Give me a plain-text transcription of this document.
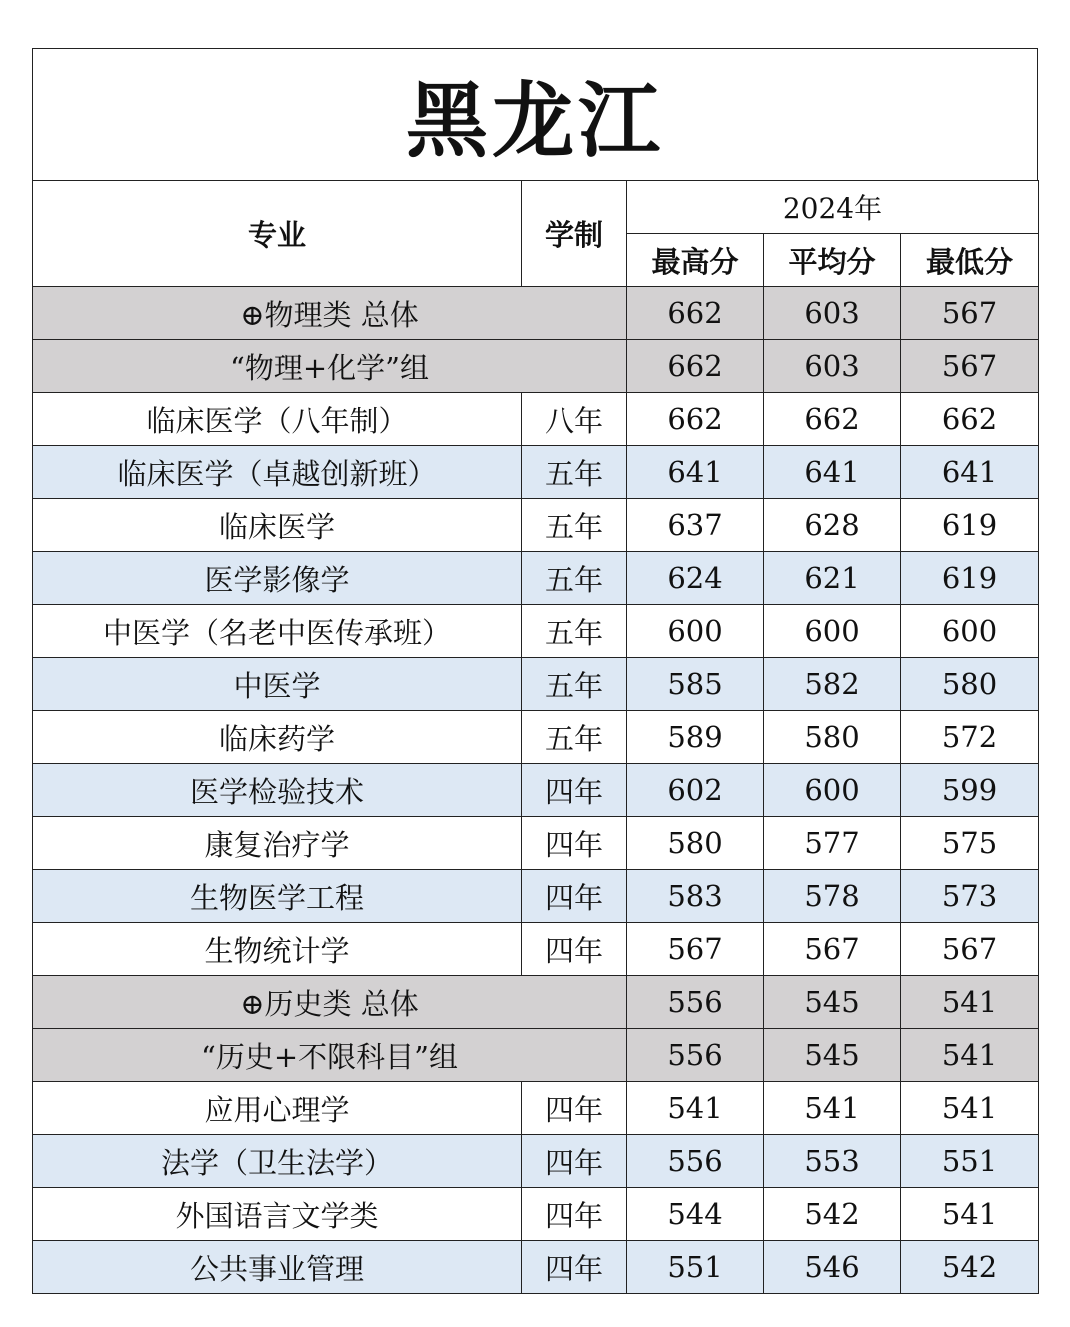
黑龙江
专业	学制	2024年		
		最高分	平均分	最低分
⊕物理类 总体		662	603	567
“物理+化学”组		662	603	567
临床医学（八年制）	八年	662	662	662
临床医学（卓越创新班）	五年	641	641	641
临床医学	五年	637	628	619
医学影像学	五年	624	621	619
中医学（名老中医传承班）	五年	600	600	600
中医学	五年	585	582	580
临床药学	五年	589	580	572
医学检验技术	四年	602	600	599
康复治疗学	四年	580	577	575
生物医学工程	四年	583	578	573
生物统计学	四年	567	567	567
⊕历史类 总体		556	545	541
“历史+不限科目”组		556	545	541
应用心理学	四年	541	541	541
法学（卫生法学）	四年	556	553	551
外国语言文学类	四年	544	542	541
公共事业管理	四年	551	546	542
